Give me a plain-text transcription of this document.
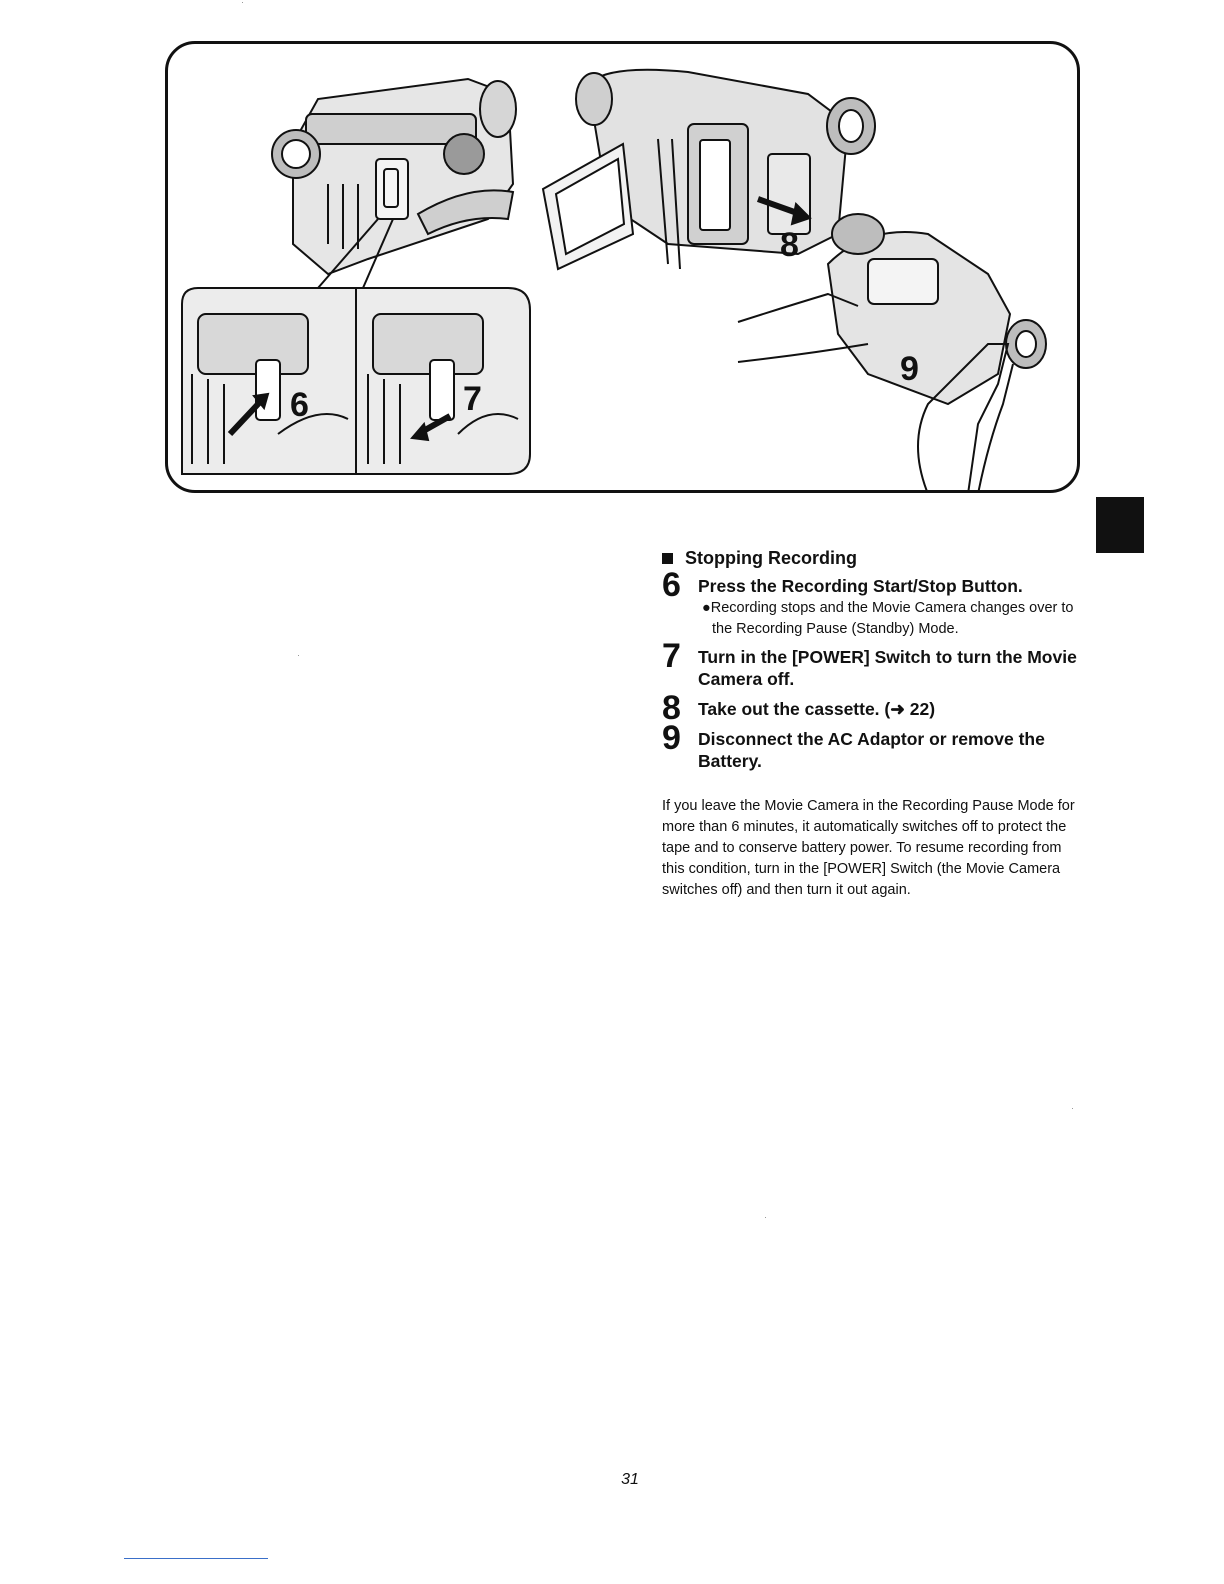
6	7
8
9
Stopping Recording
6 Press the Recording Start/Stop Button.
●Recording stops and the Movie Camera changes over to the Recording Pause (Standby) Mode.
7 Turn in the [POWER] Switch to turn the Movie Camera off.
8 Take out the cassette. (➜ 22)
9 Disconnect the AC Adaptor or remove the Battery.
If you leave the Movie Camera in the Recording Pause Mode for more than 6 minutes, it automatically switches off to protect the tape and to conserve battery power. To resume recording from this condition, turn in the [POWER] Switch (the Movie Camera switches off) and then turn it out again.
31
